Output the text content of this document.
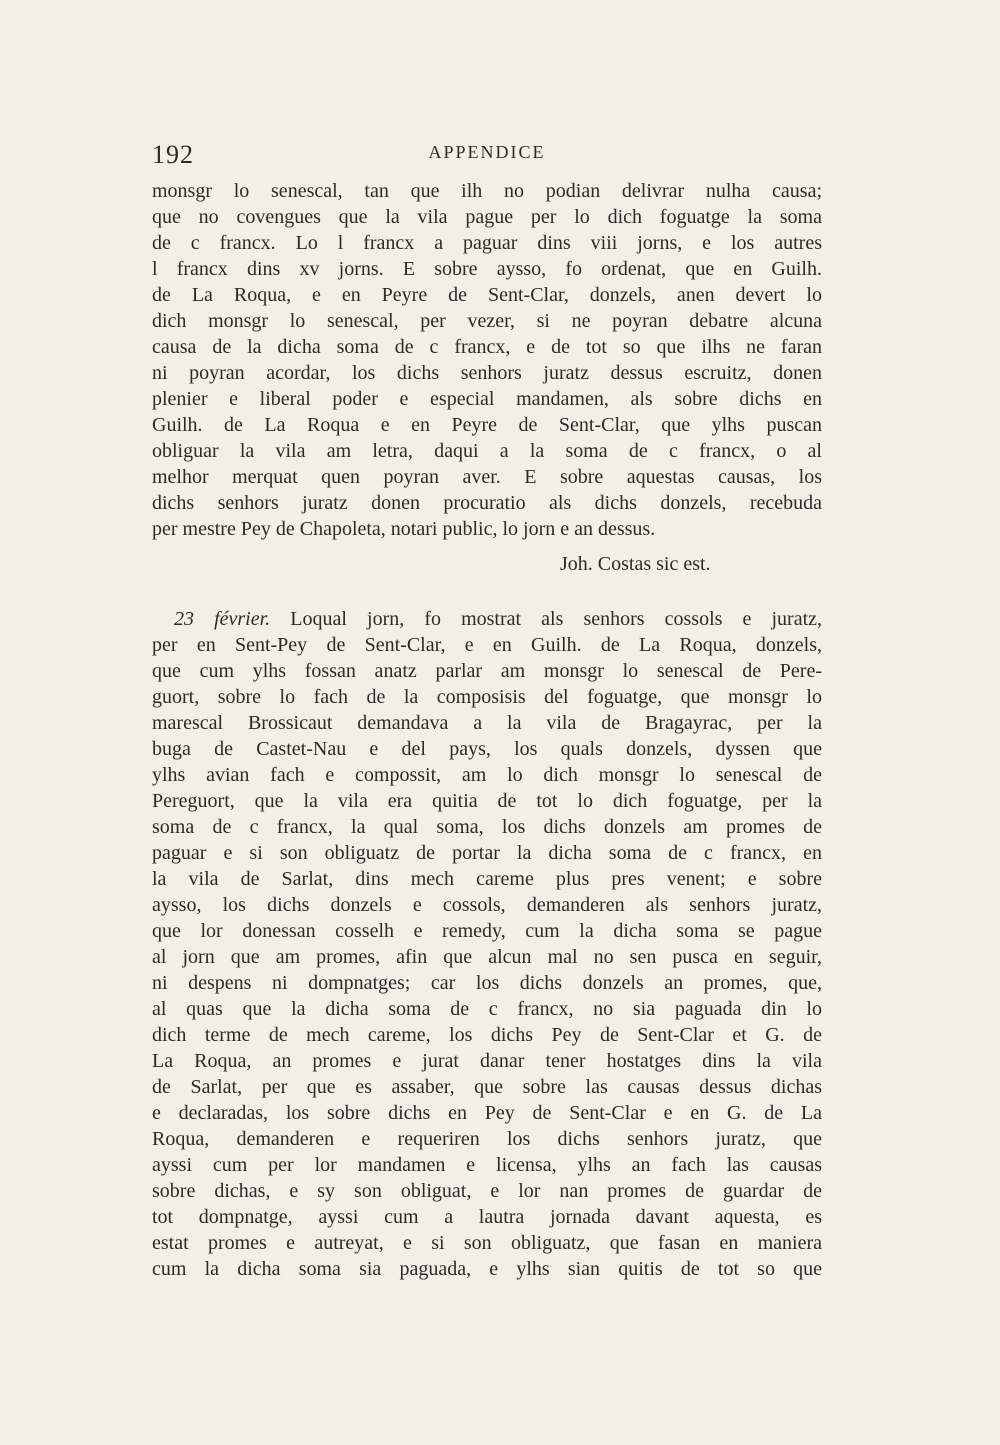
192	APPENDICE
monsgr lo senescal, tan que ilh no podian delivrar nulha causa;
que no covengues que la vila pague per lo dich foguatge la soma
de c francx. Lo l francx a paguar dins viii jorns, e los autres
l francx dins xv jorns. E sobre aysso, fo ordenat, que en Guilh.
de La Roqua, e en Peyre de Sent-Clar, donzels, anen devert lo
dich monsgr lo senescal, per vezer, si ne poyran debatre alcuna
causa de la dicha soma de c francx, e de tot so que ilhs ne faran
ni poyran acordar, los dichs senhors juratz dessus escruitz, donen
plenier e liberal poder e especial mandamen, als sobre dichs en
Guilh. de La Roqua e en Peyre de Sent-Clar, que ylhs puscan
obliguar la vila am letra, daqui a la soma de c francx, o al
melhor merquat quen poyran aver. E sobre aquestas causas, los
dichs senhors juratz donen procuratio als dichs donzels, recebuda
per mestre Pey de Chapoleta, notari public, lo jorn e an dessus.
Joh. Costas sic est.
23 février. Loqual jorn, fo mostrat als senhors cossols e juratz,
per en Sent-Pey de Sent-Clar, e en Guilh. de La Roqua, donzels,
que cum ylhs fossan anatz parlar am monsgr lo senescal de Pere-
guort, sobre lo fach de la composisis del foguatge, que monsgr lo
marescal Brossicaut demandava a la vila de Bragayrac, per la
buga de Castet-Nau e del pays, los quals donzels, dyssen que
ylhs avian fach e compossit, am lo dich monsgr lo senescal de
Pereguort, que la vila era quitia de tot lo dich foguatge, per la
soma de c francx, la qual soma, los dichs donzels am promes de
paguar e si son obliguatz de portar la dicha soma de c francx, en
la vila de Sarlat, dins mech careme plus pres venent; e sobre
aysso, los dichs donzels e cossols, demanderen als senhors juratz,
que lor donessan cosselh e remedy, cum la dicha soma se pague
al jorn que am promes, afin que alcun mal no sen pusca en seguir,
ni despens ni dompnatges; car los dichs donzels an promes, que,
al quas que la dicha soma de c francx, no sia paguada din lo
dich terme de mech careme, los dichs Pey de Sent-Clar et G. de
La Roqua, an promes e jurat danar tener hostatges dins la vila
de Sarlat, per que es assaber, que sobre las causas dessus dichas
e declaradas, los sobre dichs en Pey de Sent-Clar e en G. de La
Roqua, demanderen e requeriren los dichs senhors juratz, que
ayssi cum per lor mandamen e licensa, ylhs an fach las causas
sobre dichas, e sy son obliguat, e lor nan promes de guardar de
tot dompnatge, ayssi cum a lautra jornada davant aquesta, es
estat promes e autreyat, e si son obliguatz, que fasan en maniera
cum la dicha soma sia paguada, e ylhs sian quitis de tot so que
